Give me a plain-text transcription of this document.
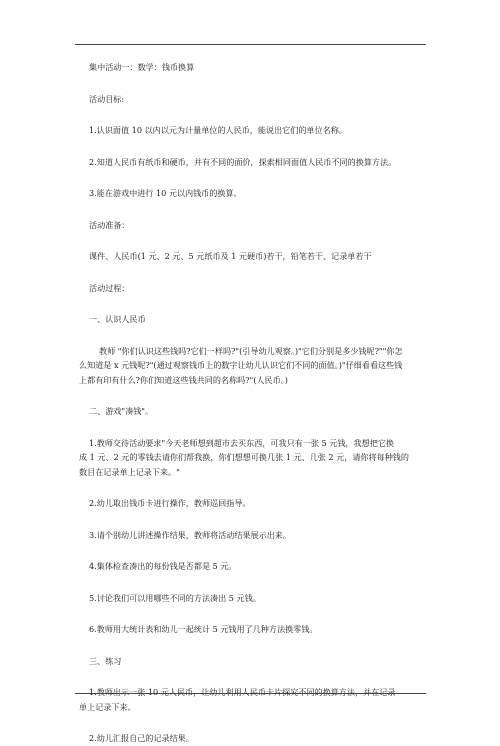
集中活动一：数学：钱币换算

活动目标:

1.认识面值 10 以内以元为计量单位的人民币，能说出它们的单位名称。

2.知道人民币有纸币和硬币，并有不同的面价，探索相同面值人民币不同的换算方法。

3.能在游戏中进行 10 元以内钱币的换算。

活动准备：

课件、人民币(1 元、2 元、5 元纸币及 1 元硬币)若干，铅笔若干、记录单若干

活动过程：

一、认识人民币

教师 "你们认识这些钱吗?它们一样吗?"(引导幼儿观察。)"它们分别是多少钱呢?""你怎

么知道是 x 元钱呢?"(通过观察钱币上的数字让幼儿认识它们不同的面值。)"仔细看看这些钱

上都有印有什么?你们知道这些钱共同的名称吗?"(人民币。)

二、游戏"凑钱"。

1.教师交待活动要求"今天老师想到超市去买东西，可我只有一张 5 元钱，我想把它换

成 1 元、2 元的零钱去请你们帮我换，你们想想可换几张 1 元、几张 2 元，请你将每种钱的

数目在记录单上记录下来。"

2.幼儿取出钱币卡进行操作，教师巡回指导。

3.请个别幼儿讲述操作结果，教师将活动结果展示出来。

4.集体检查凑出的每份钱是否都是 5 元。

5.讨论我们可以用哪些不同的方法凑出 5 元钱。

6.教师用大统计表和幼儿一起统计 5 元钱用了几种方法换零钱。

三、练习

1.教师出示一张 10 元人民币，让幼儿利用人民币卡片探究不同的换算方法，并在记录

单上记录下来。

2.幼儿汇报自己的记录结果。
